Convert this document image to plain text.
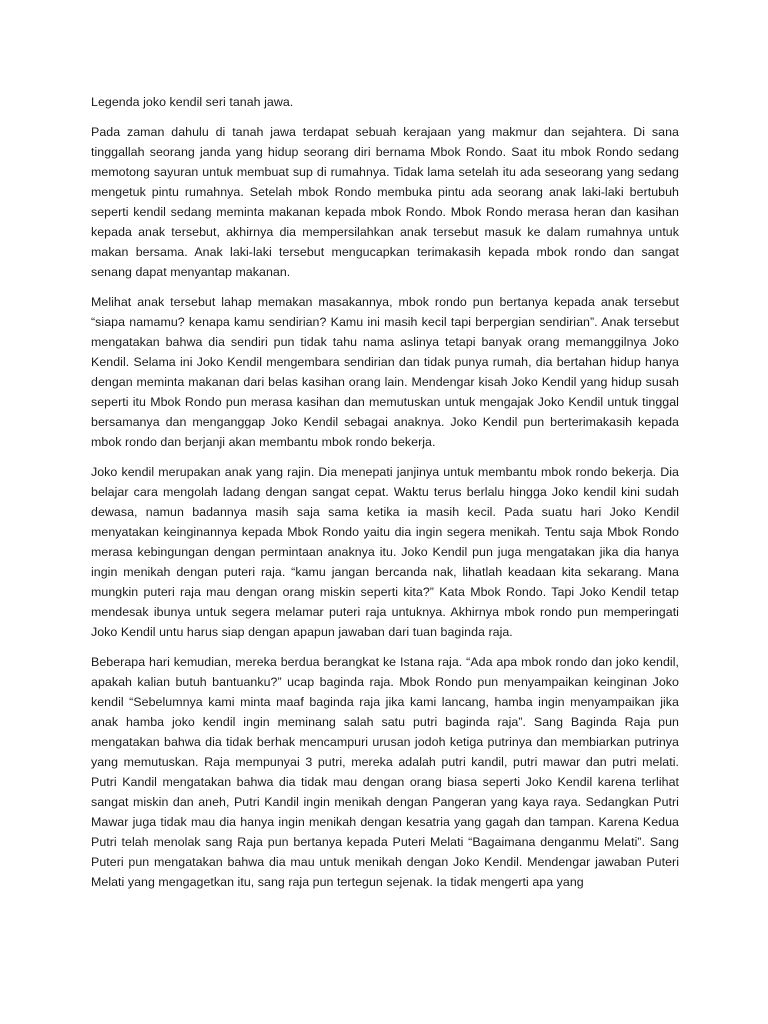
Legenda joko kendil seri tanah jawa.

Pada zaman dahulu di tanah jawa terdapat sebuah kerajaan yang makmur dan sejahtera. Di sana tinggallah seorang janda yang hidup seorang diri bernama Mbok Rondo. Saat itu mbok Rondo sedang memotong sayuran untuk membuat sup di rumahnya. Tidak lama setelah itu ada seseorang yang sedang mengetuk pintu rumahnya. Setelah mbok Rondo membuka pintu ada seorang anak laki-laki bertubuh seperti kendil sedang meminta makanan kepada mbok Rondo. Mbok Rondo merasa heran dan kasihan kepada anak tersebut, akhirnya dia mempersilahkan anak tersebut masuk ke dalam rumahnya untuk makan bersama. Anak laki-laki tersebut mengucapkan terimakasih kepada mbok rondo dan sangat senang dapat menyantap makanan.

Melihat anak tersebut lahap memakan masakannya, mbok rondo pun bertanya kepada anak tersebut “siapa namamu? kenapa kamu sendirian? Kamu ini masih kecil tapi berpergian sendirian”. Anak tersebut mengatakan bahwa dia sendiri pun tidak tahu nama aslinya tetapi banyak orang memanggilnya Joko Kendil. Selama ini Joko Kendil mengembara sendirian dan tidak punya rumah, dia bertahan hidup hanya dengan meminta makanan dari belas kasihan orang lain. Mendengar kisah Joko Kendil yang hidup susah seperti itu Mbok Rondo pun merasa kasihan dan memutuskan untuk mengajak Joko Kendil untuk tinggal bersamanya dan menganggap Joko Kendil sebagai anaknya. Joko Kendil pun berterimakasih kepada mbok rondo dan berjanji akan membantu mbok rondo bekerja.

Joko kendil merupakan anak yang rajin. Dia menepati janjinya untuk membantu mbok rondo bekerja. Dia belajar cara mengolah ladang dengan sangat cepat. Waktu terus berlalu hingga Joko kendil kini sudah dewasa, namun badannya masih saja sama ketika ia masih kecil. Pada suatu hari Joko Kendil menyatakan keinginannya kepada Mbok Rondo yaitu dia ingin segera menikah. Tentu saja Mbok Rondo merasa kebingungan dengan permintaan anaknya itu. Joko Kendil pun juga mengatakan jika dia hanya ingin menikah dengan puteri raja. “kamu jangan bercanda nak, lihatlah keadaan kita sekarang. Mana mungkin puteri raja mau dengan orang miskin seperti kita?” Kata Mbok Rondo. Tapi Joko Kendil tetap mendesak ibunya untuk segera melamar puteri raja untuknya. Akhirnya mbok rondo pun memperingati Joko Kendil untu harus siap dengan apapun jawaban dari tuan baginda raja.

Beberapa hari kemudian, mereka berdua berangkat ke Istana raja. “Ada apa mbok rondo dan joko kendil, apakah kalian butuh bantuanku?” ucap baginda raja. Mbok Rondo pun menyampaikan keinginan Joko kendil “Sebelumnya kami minta maaf baginda raja jika kami lancang, hamba ingin menyampaikan jika anak hamba joko kendil ingin meminang salah satu putri baginda raja”. Sang Baginda Raja pun mengatakan bahwa dia tidak berhak mencampuri urusan jodoh ketiga putrinya dan membiarkan putrinya yang memutuskan. Raja mempunyai 3 putri, mereka adalah putri kandil, putri mawar dan putri melati. Putri Kandil mengatakan bahwa dia tidak mau dengan orang biasa seperti Joko Kendil karena terlihat sangat miskin dan aneh, Putri Kandil ingin menikah dengan Pangeran yang kaya raya. Sedangkan Putri Mawar juga tidak mau dia hanya ingin menikah dengan kesatria yang gagah dan tampan. Karena Kedua Putri telah menolak sang Raja pun bertanya kepada Puteri Melati “Bagaimana denganmu Melati”. Sang Puteri pun mengatakan bahwa dia mau untuk menikah dengan Joko Kendil. Mendengar jawaban Puteri Melati yang mengagetkan itu, sang raja pun tertegun sejenak. Ia tidak mengerti apa yang
